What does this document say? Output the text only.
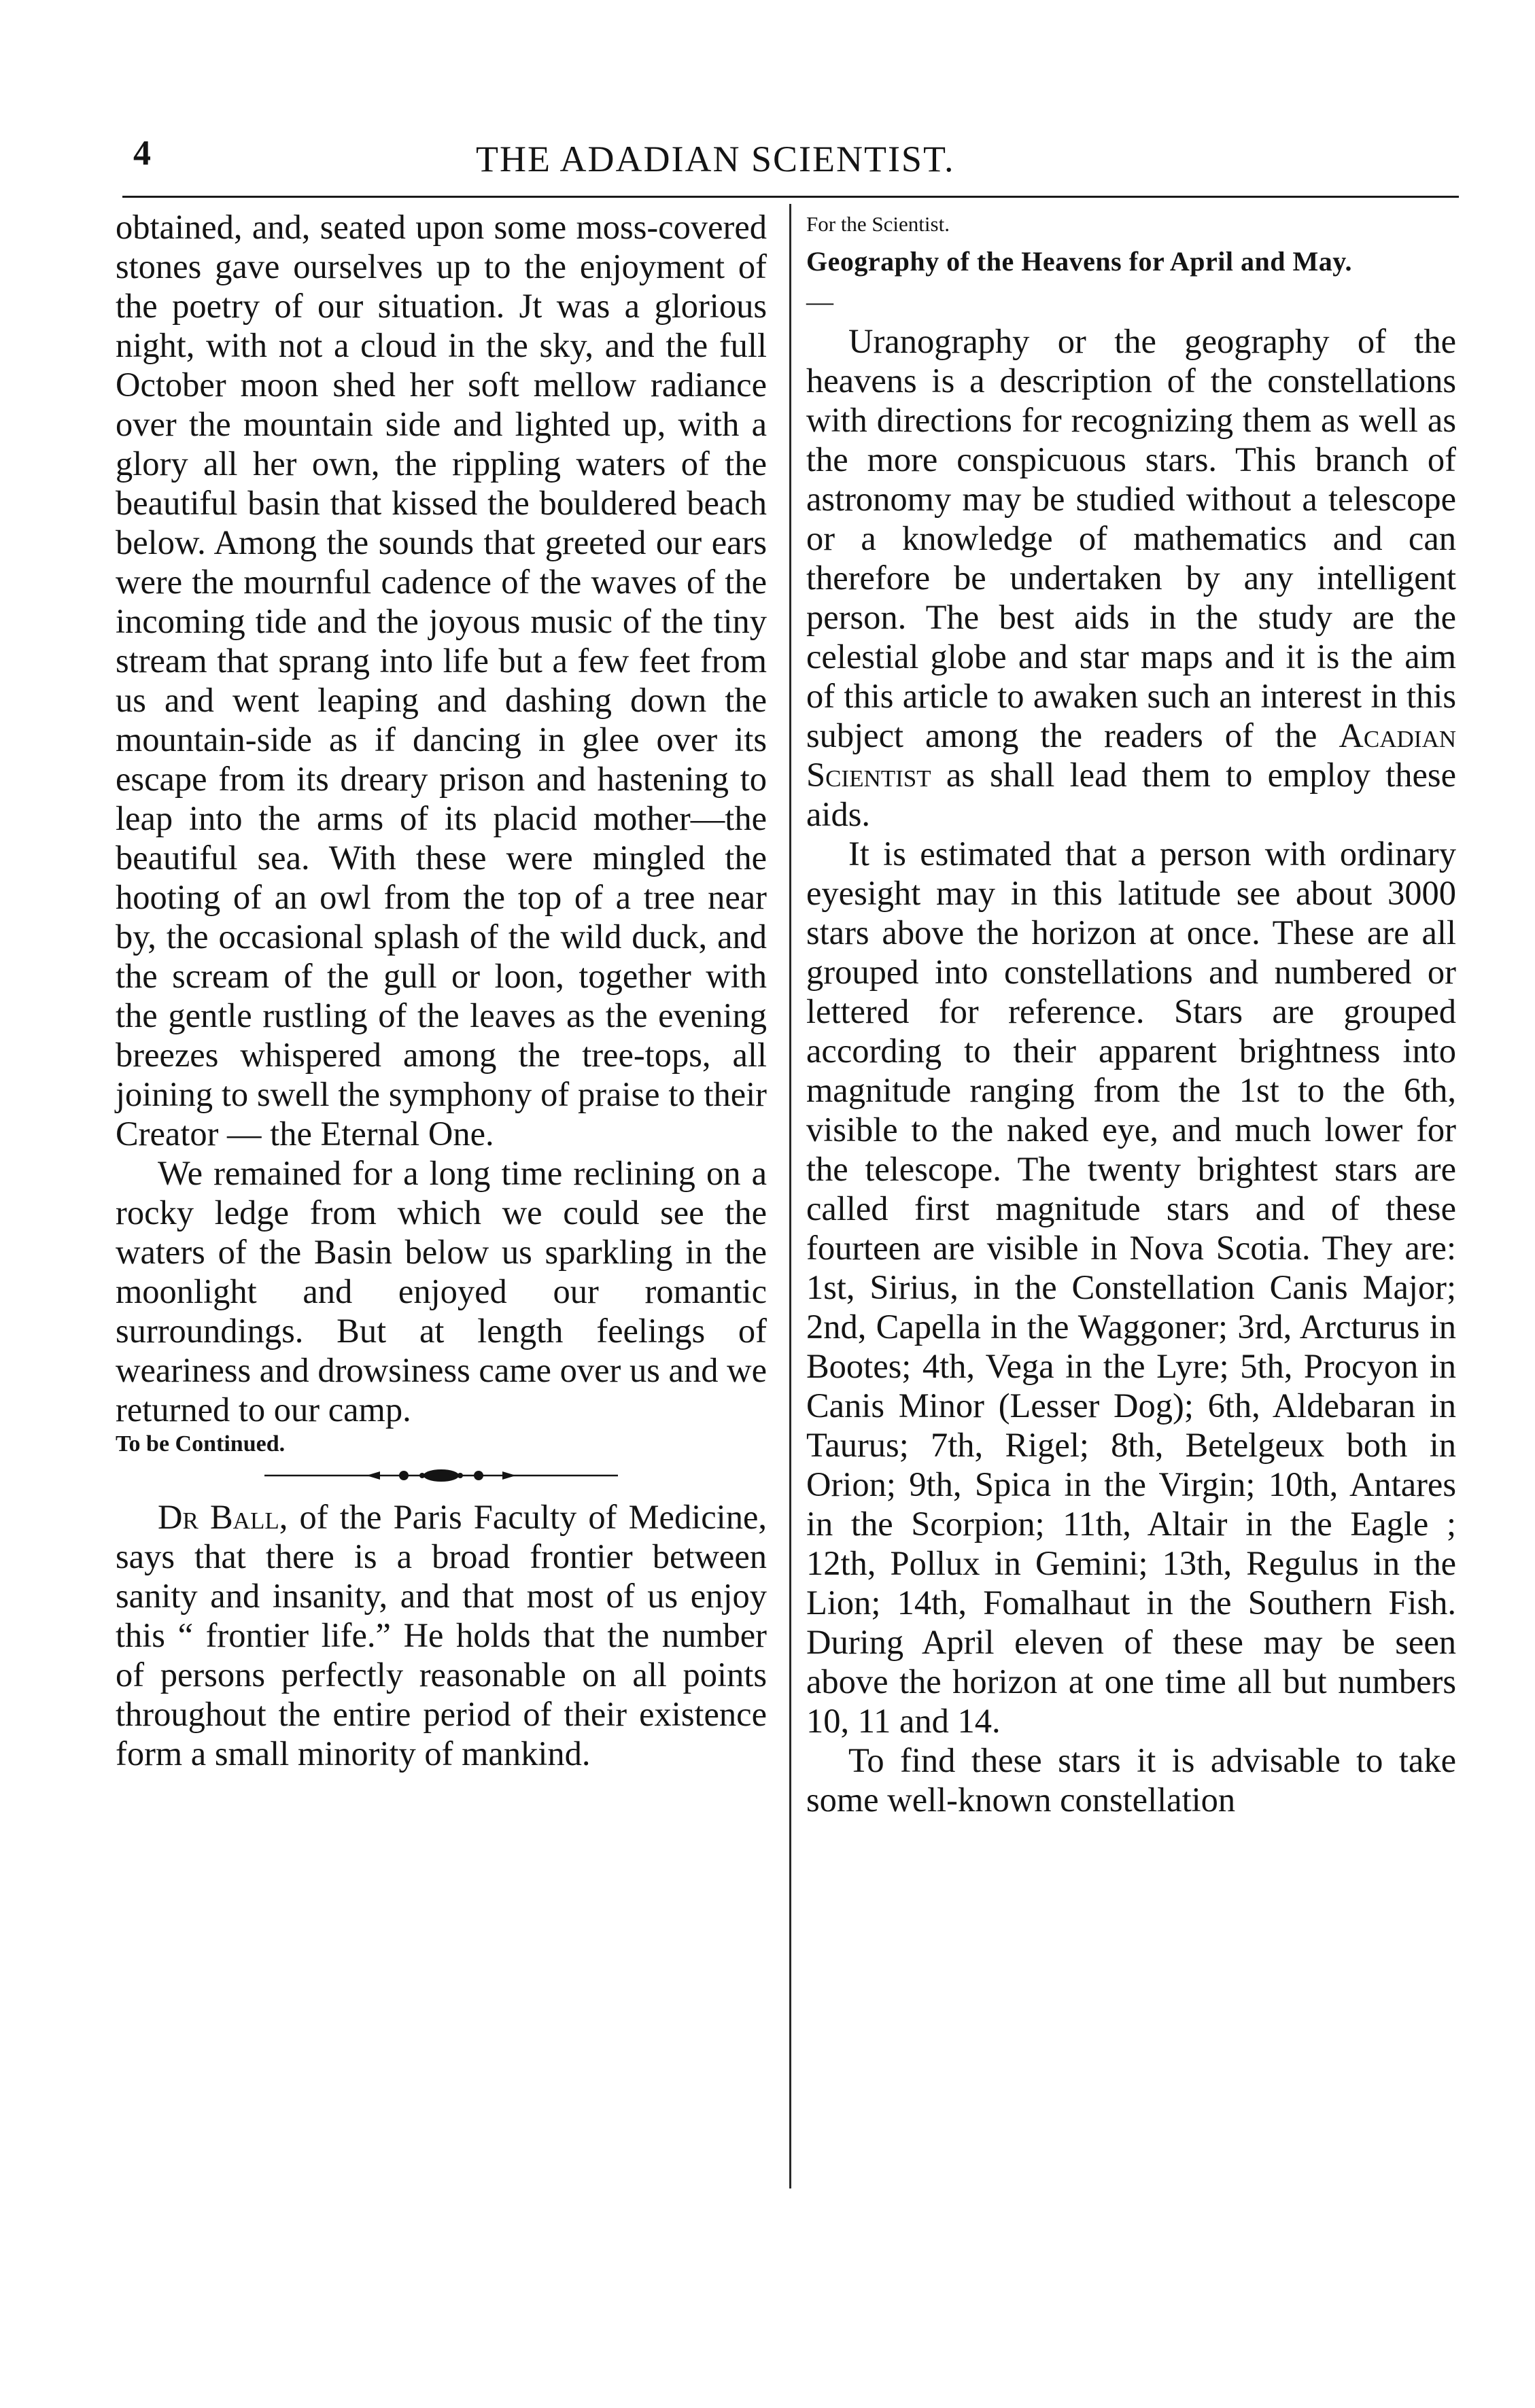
4	THE ADADIAN SCIENTIST.

obtained, and, seated upon some moss-covered stones gave ourselves up to the enjoyment of the poetry of our situation. Jt was a glorious night, with not a cloud in the sky, and the full October moon shed her soft mellow radiance over the mountain side and lighted up, with a glory all her own, the rippling waters of the beautiful basin that kissed the bouldered beach below. Among the sounds that greeted our ears were the mournful cadence of the waves of the incoming tide and the joyous music of the tiny stream that sprang into life but a few feet from us and went leaping and dashing down the mountain-side as if dancing in glee over its escape from its dreary prison and hastening to leap into the arms of its placid mother—the beautiful sea. With these were mingled the hooting of an owl from the top of a tree near by, the occasional splash of the wild duck, and the scream of the gull or loon, together with the gentle rustling of the leaves as the evening breezes whispered among the tree-tops, all joining to swell the symphony of praise to their Creator — the Eternal One.

We remained for a long time reclining on a rocky ledge from which we could see the waters of the Basin below us sparkling in the moonlight and enjoyed our romantic surroundings. But at length feelings of weariness and drowsiness came over us and we returned to our camp.

To be Continued.

Dr Ball, of the Paris Faculty of Medicine, says that there is a broad frontier between sanity and insanity, and that most of us enjoy this “ frontier life.” He holds that the number of persons perfectly reasonable on all points throughout the entire period of their existence form a small minority of mankind.

For the Scientist.

Geography of the Heavens for April and May.

—

Uranography or the geography of the heavens is a description of the constellations with directions for recognizing them as well as the more conspicuous stars. This branch of astronomy may be studied without a telescope or a knowledge of mathematics and can therefore be undertaken by any intelligent person. The best aids in the study are the celestial globe and star maps and it is the aim of this article to awaken such an interest in this subject among the readers of the Acadian Scientist as shall lead them to employ these aids.

It is estimated that a person with ordinary eyesight may in this latitude see about 3000 stars above the horizon at once. These are all grouped into constellations and numbered or lettered for reference. Stars are grouped according to their apparent brightness into magnitude ranging from the 1st to the 6th, visible to the naked eye, and much lower for the telescope. The twenty brightest stars are called first magnitude stars and of these fourteen are visible in Nova Scotia. They are: 1st, Sirius, in the Constellation Canis Major; 2nd, Capella in the Waggoner; 3rd, Arcturus in Bootes; 4th, Vega in the Lyre; 5th, Procyon in Canis Minor (Lesser Dog); 6th, Aldebaran in Taurus; 7th, Rigel; 8th, Betelgeux both in Orion; 9th, Spica in the Virgin; 10th, Antares in the Scorpion; 11th, Altair in the Eagle ; 12th, Pollux in Gemini; 13th, Regulus in the Lion; 14th, Fomalhaut in the Southern Fish. During April eleven of these may be seen above the horizon at one time all but numbers 10, 11 and 14.

To find these stars it is advisable to take some well-known constellation
